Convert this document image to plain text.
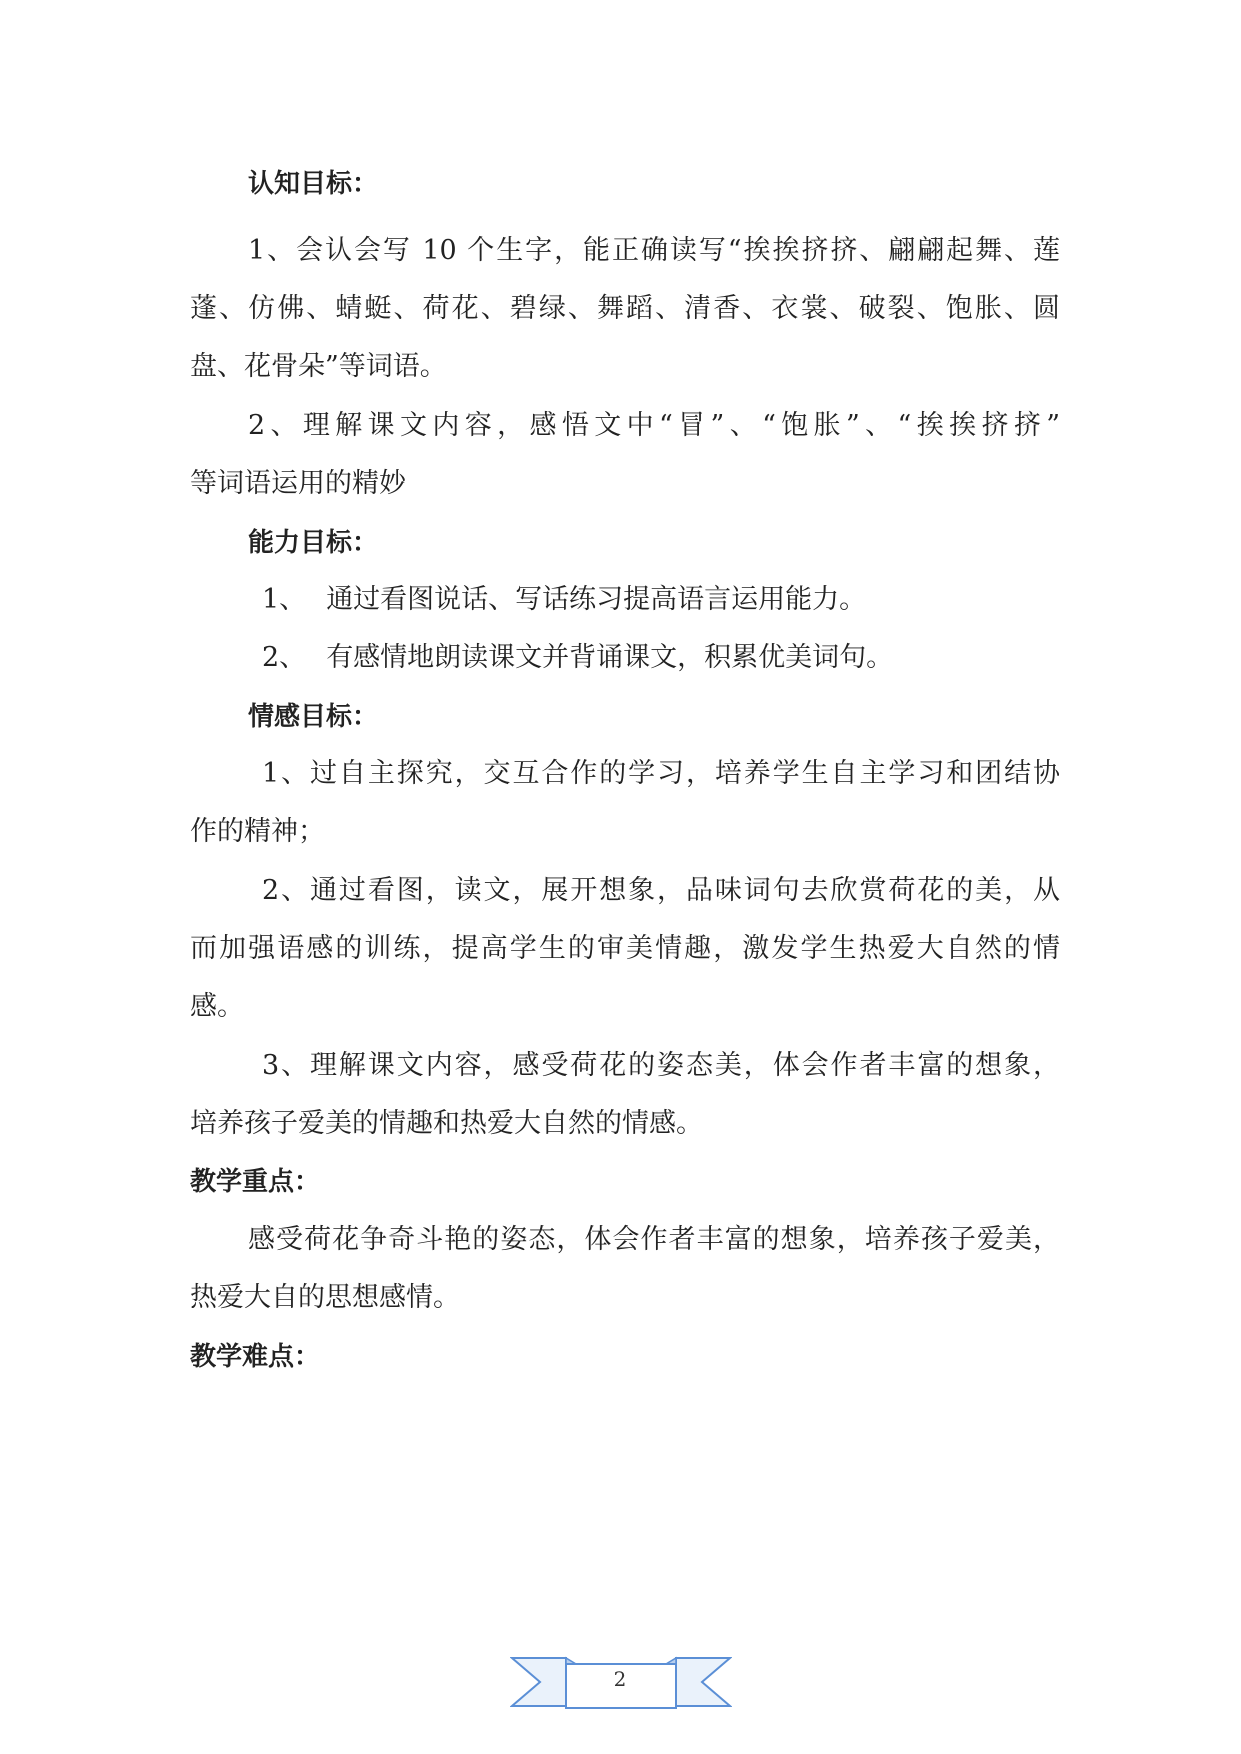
认知目标：
1、会认会写 10 个生字，能正确读写“挨挨挤挤、翩翩起舞、莲
蓬、仿佛、蜻蜓、荷花、碧绿、舞蹈、清香、衣裳、破裂、饱胀、圆
盘、花骨朵”等词语。
2、理解课文内容，感悟文中“冒”、“饱胀”、“挨挨挤挤”
等词语运用的精妙
能力目标：
1、 通过看图说话、写话练习提高语言运用能力。
2、 有感情地朗读课文并背诵课文，积累优美词句。
情感目标：
1、过自主探究，交互合作的学习，培养学生自主学习和团结协
作的精神；
2、通过看图，读文，展开想象，品味词句去欣赏荷花的美，从
而加强语感的训练，提高学生的审美情趣，激发学生热爱大自然的情
感。
3、理解课文内容，感受荷花的姿态美，体会作者丰富的想象，
培养孩子爱美的情趣和热爱大自然的情感。
教学重点：
感受荷花争奇斗艳的姿态，体会作者丰富的想象，培养孩子爱美，
热爱大自的思想感情。
教学难点：
2
